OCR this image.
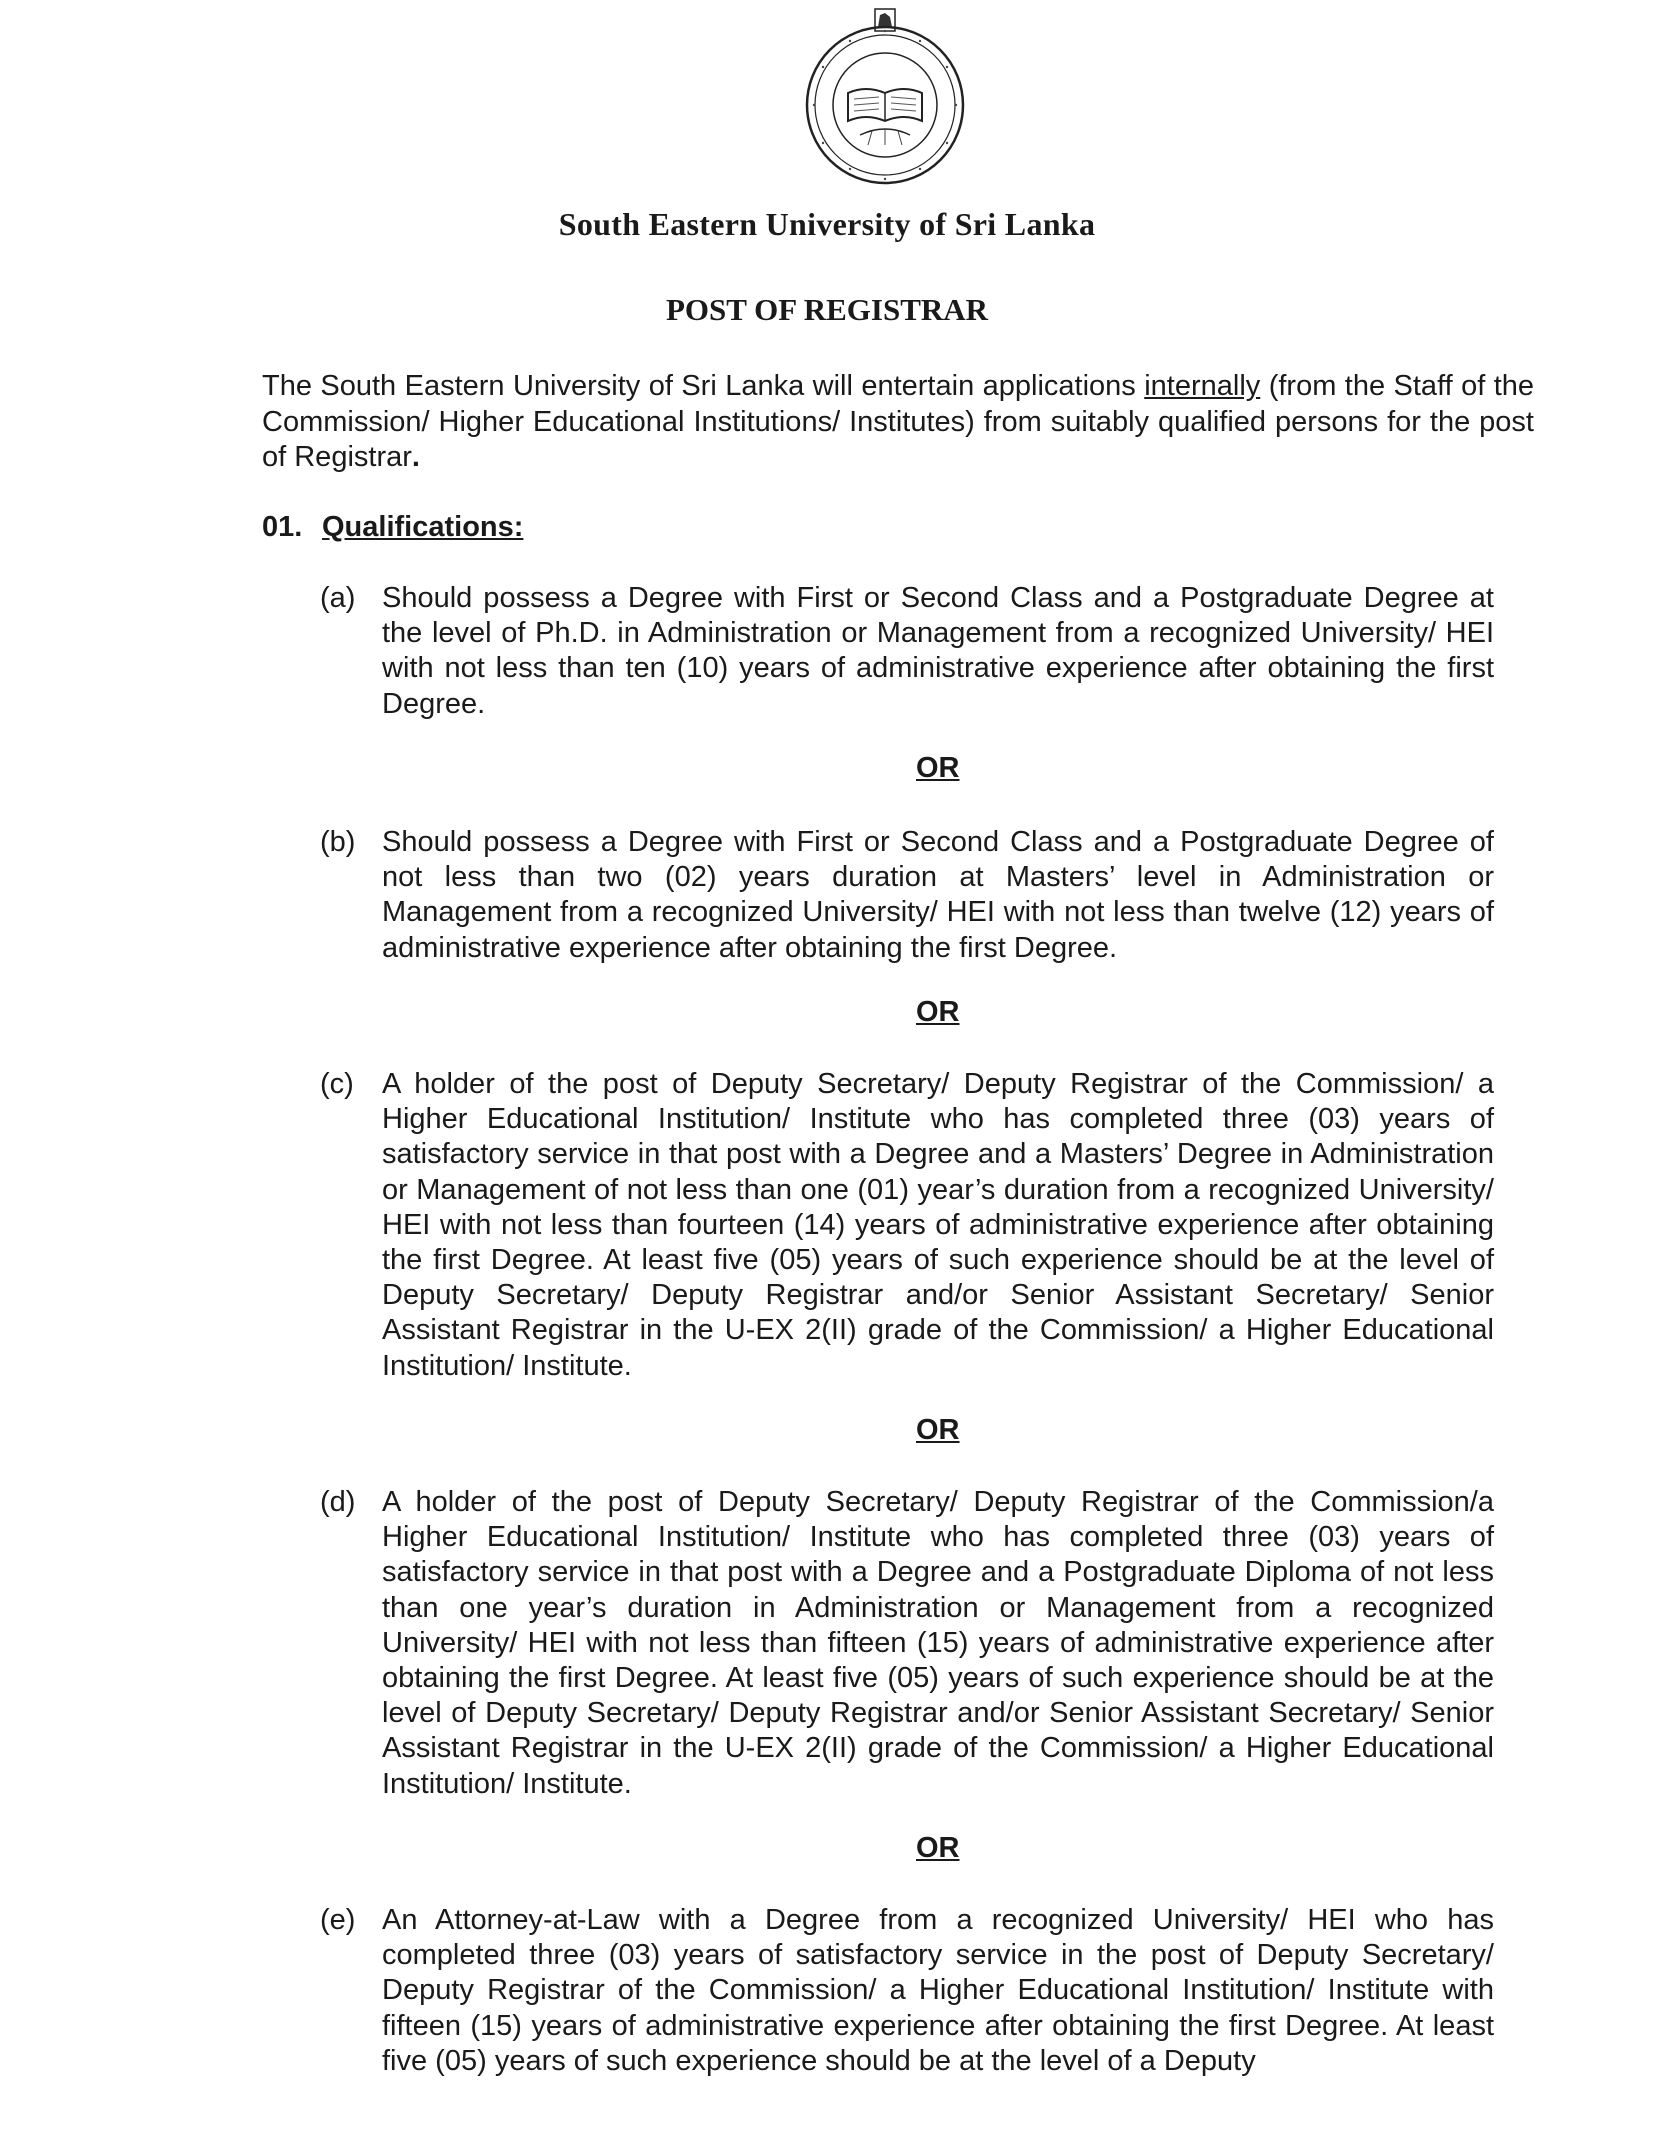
South Eastern University of Sri Lanka
POST OF REGISTRAR
The South Eastern University of Sri Lanka will entertain applications internally (from the Staff of the Commission/ Higher Educational Institutions/ Institutes) from suitably qualified persons for the post of Registrar.
01. Qualifications:
(a) Should possess a Degree with First or Second Class and a Postgraduate Degree at the level of Ph.D. in Administration or Management from a recognized University/ HEI with not less than ten (10) years of administrative experience after obtaining the first Degree.
OR
(b) Should possess a Degree with First or Second Class and a Postgraduate Degree of not less than two (02) years duration at Masters’ level in Administration or Management from a recognized University/ HEI with not less than twelve (12) years of administrative experience after obtaining the first Degree.
OR
(c) A holder of the post of Deputy Secretary/ Deputy Registrar of the Commission/ a Higher Educational Institution/ Institute who has completed three (03) years of satisfactory service in that post with a Degree and a Masters’ Degree in Administration or Management of not less than one (01) year’s duration from a recognized University/ HEI with not less than fourteen (14) years of administrative experience after obtaining the first Degree. At least five (05) years of such experience should be at the level of Deputy Secretary/ Deputy Registrar and/or Senior Assistant Secretary/ Senior Assistant Registrar in the U-EX 2(II) grade of the Commission/ a Higher Educational Institution/ Institute.
OR
(d) A holder of the post of Deputy Secretary/ Deputy Registrar of the Commission/a Higher Educational Institution/ Institute who has completed three (03) years of satisfactory service in that post with a Degree and a Postgraduate Diploma of not less than one year’s duration in Administration or Management from a recognized University/ HEI with not less than fifteen (15) years of administrative experience after obtaining the first Degree. At least five (05) years of such experience should be at the level of Deputy Secretary/ Deputy Registrar and/or Senior Assistant Secretary/ Senior Assistant Registrar in the U-EX 2(II) grade of the Commission/ a Higher Educational Institution/ Institute.
OR
(e) An Attorney-at-Law with a Degree from a recognized University/ HEI who has completed three (03) years of satisfactory service in the post of Deputy Secretary/ Deputy Registrar of the Commission/ a Higher Educational Institution/ Institute with fifteen (15) years of administrative experience after obtaining the first Degree. At least five (05) years of such experience should be at the level of a Deputy
